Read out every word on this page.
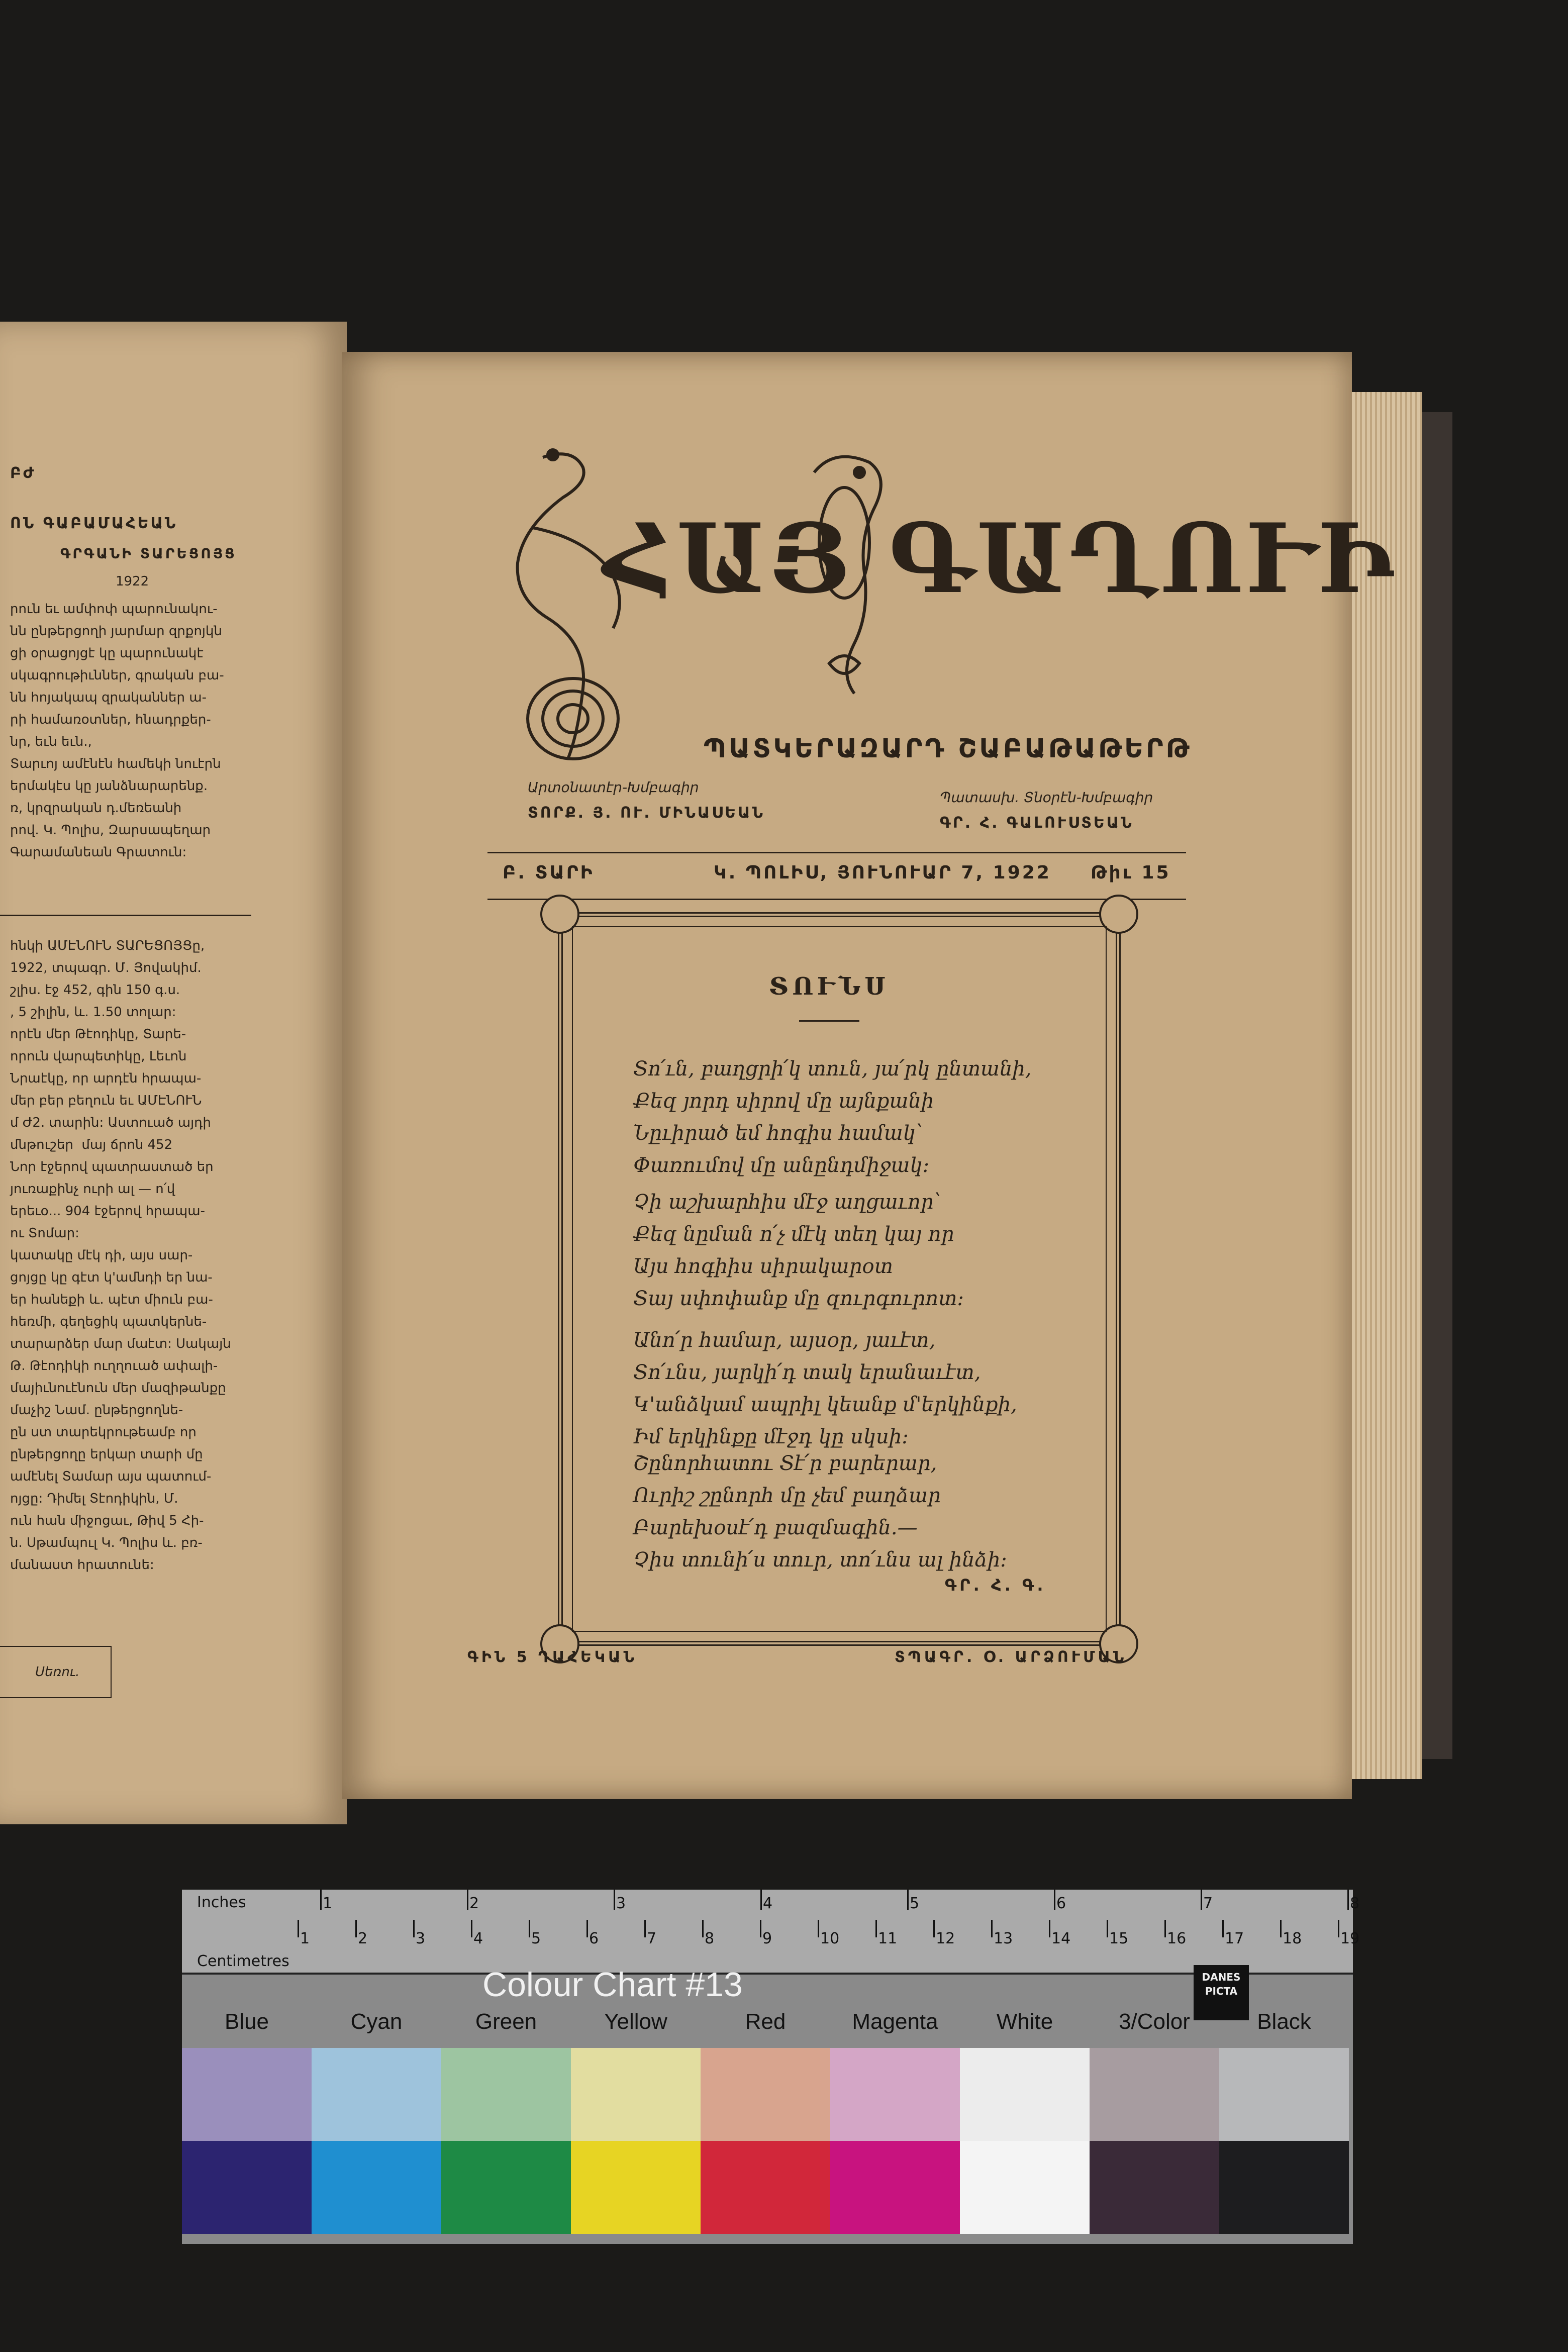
ԲԺ
ՈՆ ԳԱԲԱՄԱՀԵԱՆ
ԳՐԳԱՆԻ ՏԱՐԵՑՈՅՑ
1922
րուն եւ ամփոփ պարունակու-
նն ընթերցողի յարմար զրքոյկն
ցի օրացոյցէ կը պարունակէ
սկագրութիւններ, գրական բա-
նն հոյակապ զրականներ ա-
րի համառօտներ, հնադրքեր-
նր, եւն եւն.,
Տարւոյ ամէնէն համեկի նուէրն
երմակէս կը յանձնարարենք.
ռ, կրզրական դ.մեռեանի
րով. Կ. Պոլիս, Զարսապեղար
Գարամանեան Գրատուն:
հնկի ԱՄԷՆՈՒՆ ՏԱՐԵՑՈՅՑը,
1922, տպագր. Մ. Յովակիմ.
շլիս. էջ 452, գին 150 գ.ս.
, 5 շիլին, և. 1.50 տոլար:
որէն մեր Թէոդիկը, Տարե-
որուն վարպետիկը, Լեւոն
Նրաէկը, որ արդէն հրապա-
մեր բեր բեղուն եւ ԱՄԷՆՈՒՆ
մ Ժ2. տարին: Աստուած այդի
մնթուշեր  մայ ճրոն 452
Նոր էջերով պատրաստած եր
յուռաքինչ ուրի ալ — ո՛վ
երեւօ... 904 էջերով հրապա-
ու Տոմար:
կատակը մէկ դի, այս սար-
ցոյցը կը գէտ կ'ամնդի եր նա-
եր հանեքի և. պէտ միուն բա-
հեռմի, գեղեցիկ պատկերնե-
տարարձեր մար մաէտ: Սակայն
Թ. Թէոդիկի ուղղուած ափալի-
մայիւնուէնուն մեր մազիթանքը
մաչիշ Նամ. ընթերցողնե-
ըն ստ տարեկրութեամբ որ
ընթերցողը երկար տարի մը
ամէնել Տամար այս պատում-
ոյցը: Դիմել Տէոդիկին, Մ.
ուն հան միջոցաւ, Թիվ 5 Հի-
ն. Սթամպուլ Կ. Պոլիս և. բռ-
մանաստ հրատունե:
Սեռու.
ՀԱՅ ԳԱՂՈՒԻ
ՊԱՏԿԵՐԱԶԱՐԴ ՇԱԲԱԹԱԹԵՐԹ
Արտօնատէր-Խմբագիր
ՏՈՐՔ. Յ. ՈՒ. ՄԻՆԱՍԵԱՆ
Պատասխ. Տնօրէն-Խմբագիր
ԳՐ. Հ. ԳԱԼՈՒՍՏԵԱՆ
Բ. ՏԱՐԻ	Կ. ՊՈԼԻՍ, ՅՈՒՆՈՒԱՐ 7, 1922 Թիւ 15
ՏՈՒՆՍ
Տո՛ւն, բաղցրի՛կ տուն, յա՛րկ ընտանի,
Քեզ յորդ սիրով մը այնքանի
Նըւիրած եմ հոգիս համակ՝
Փառումով մը անընդմիջակ:
Չի աշխարհիս մէջ աղցաւոր՝
Քեզ նըման ո՛չ մէկ տեղ կայ որ
Այս հոգիիս սիրակարօտ
Տայ սփոփանք մը զուրգուրոտ:
Անո՛ր համար, այսօր, յաւէտ,
Տո՛ւնս, յարկի՛դ տակ երանաւէտ,
Կ'անձկամ ապրիլ կեանք մ'երկինքի,
Իմ երկինքը մէջդ կը սկսի:
Շընորհատու Տէ՛ր բարերար,
Ուրիշ շընորհ մը չեմ բաղձար
Բարեխօսէ՛դ բազմագին.—
Չիս տունի՛ս տուր, տո՛ւնս ալ ինձի:
ԳՐ. Հ. Գ.
ԳԻՆ 5 ԴԱՀԵԿԱՆ	ՏՊԱԳՐ. Օ. ԱՐՁՈՒՄԱՆ
Inches
Centimetres
1	2	3	4	5	6	7	8
1	2	3	4	5	6	7	8	9	10	11	12	13	14	15	16	17	18	19
Colour Chart #13	DANES
PICTA
Blue	Cyan	Green	Yellow	Red	Magenta	White	3/Color	Black
